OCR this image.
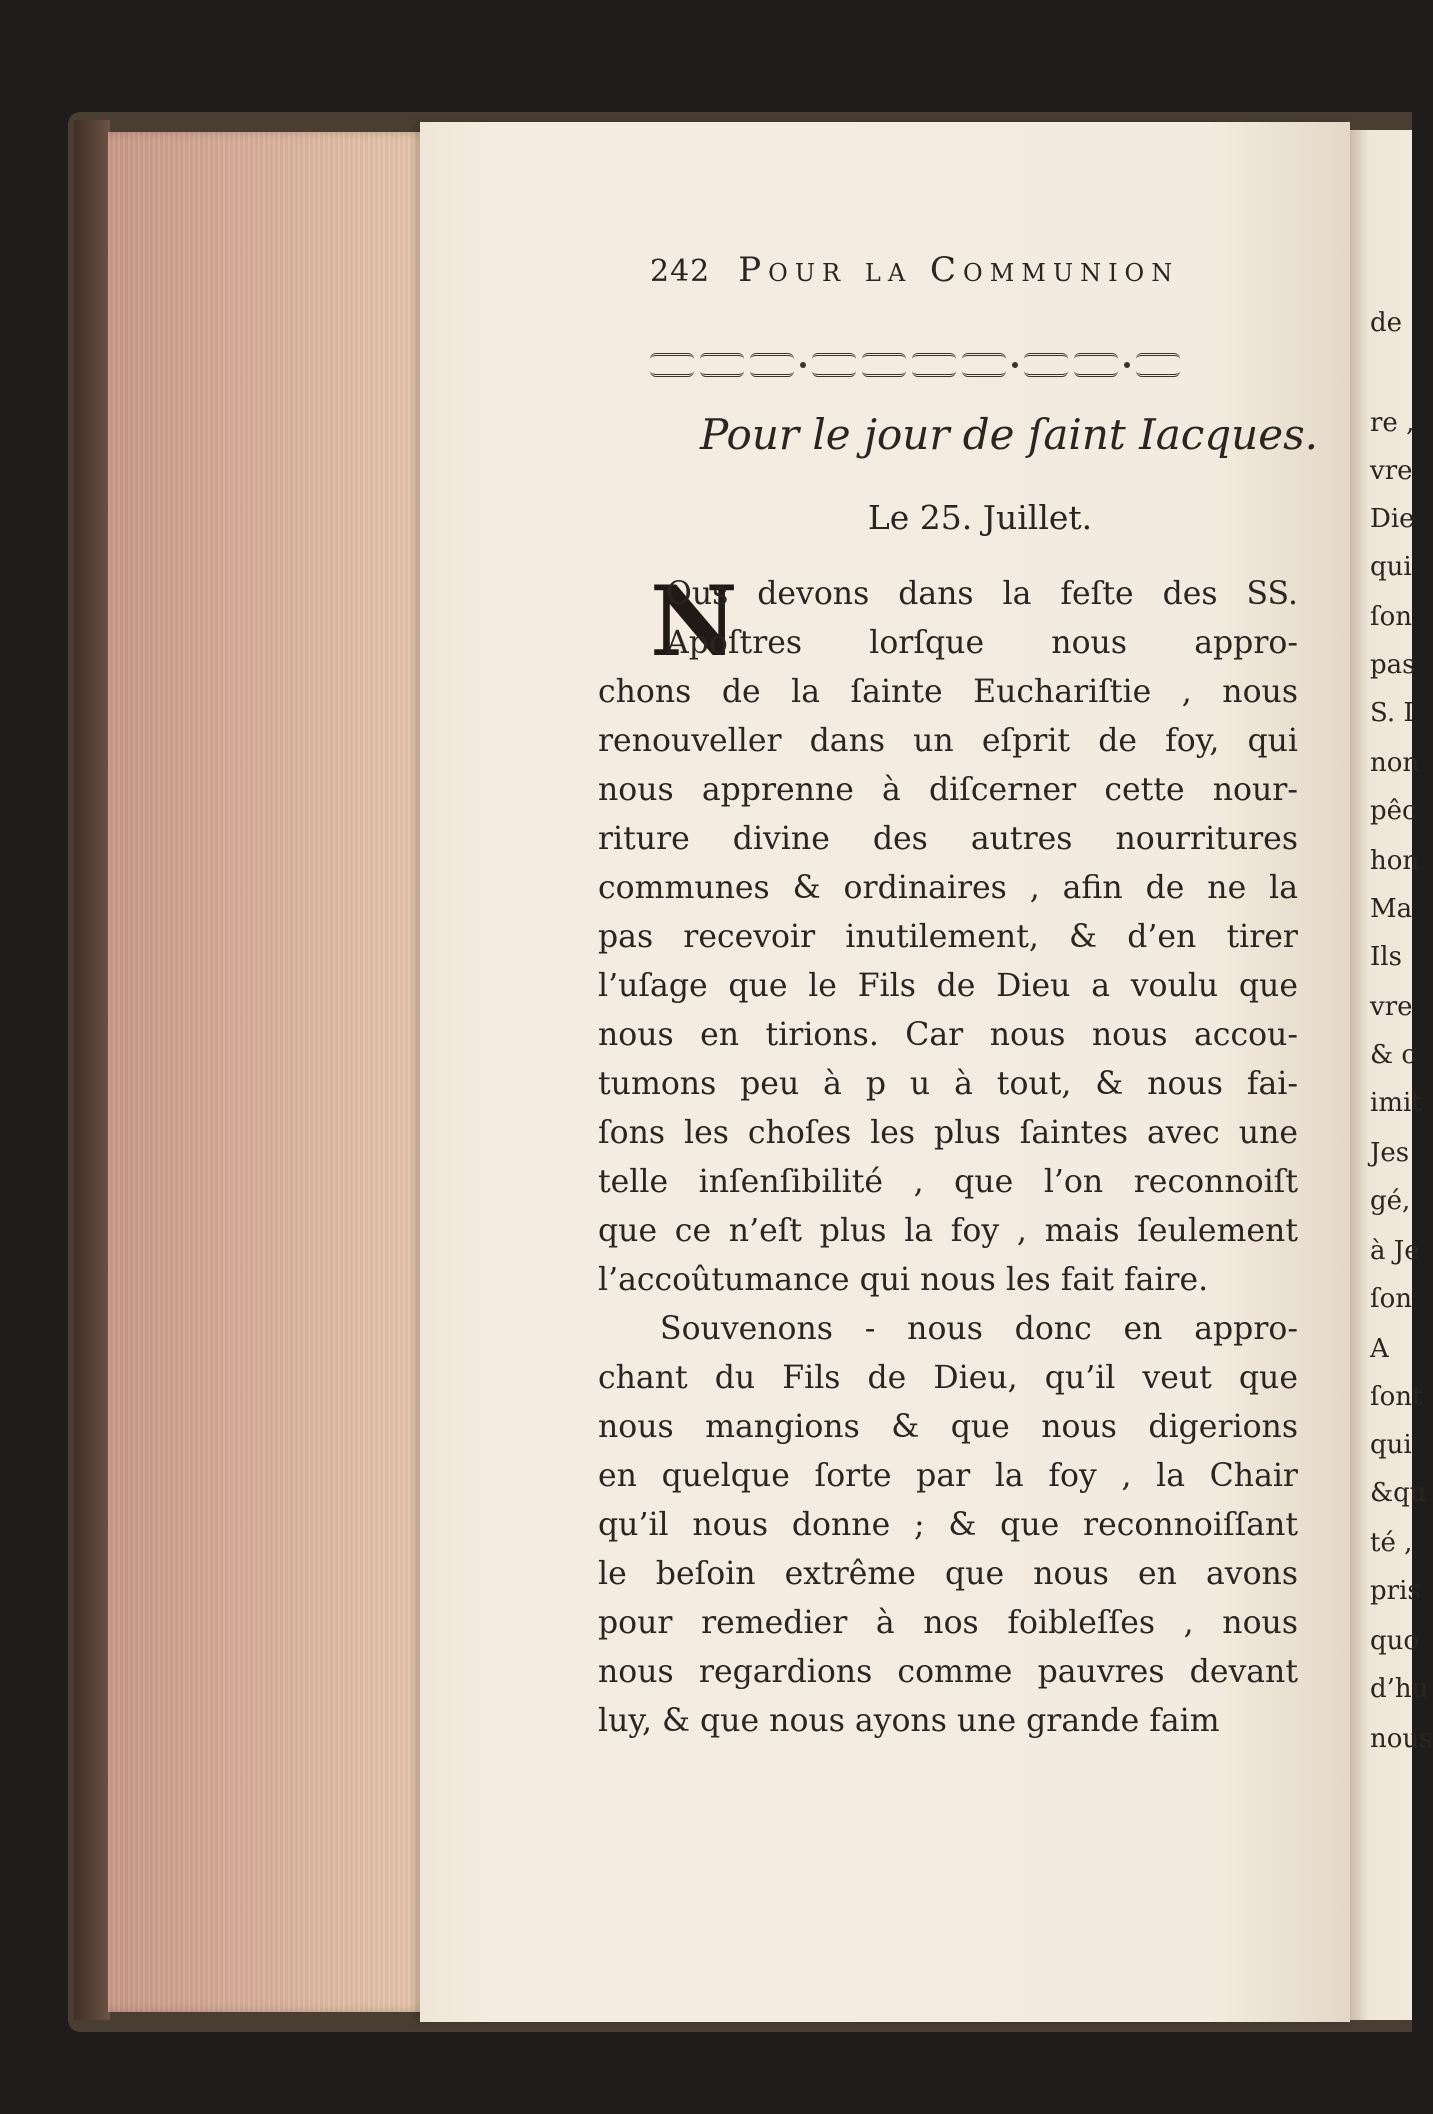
de
re ,
vre
Die
qui
ſon
pas
S. I
non
pêc
hon
Ma
Ils
vre
& c
imit
Jes
gé,
à Je
ſon
A
ſont
qui
&qu
té ,
pris
quo
d’hu
nous
242 Pour la Communion
Pour le jour de ſaint Iacques.
Le 25. Juillet.
N
Ous devons dans la feſte des SS.
Apoſtres lorſque nous appro-
chons de la ſainte Euchariſtie , nous
renouveller dans un eſprit de foy, qui
nous apprenne à diſcerner cette nour-
riture divine des autres nourritures
communes & ordinaires , afin de ne la
pas recevoir inutilement, & d’en tirer
l’uſage que le Fils de Dieu a voulu que
nous en tirions. Car nous nous accou-
tumons peu à p u à tout, & nous fai-
ſons les choſes les plus ſaintes avec une
telle inſenſibilité , que l’on reconnoiſt
que ce n’eſt plus la foy , mais ſeulement
l’accoûtumance qui nous les fait faire.
Souvenons - nous donc en appro-
chant du Fils de Dieu, qu’il veut que
nous mangions & que nous digerions
en quelque ſorte par la foy , la Chair
qu’il nous donne ; & que reconnoiſſant
le beſoin extrême que nous en avons
pour remedier à nos foibleſſes , nous
nous regardions comme pauvres devant
luy, & que nous ayons une grande faim
